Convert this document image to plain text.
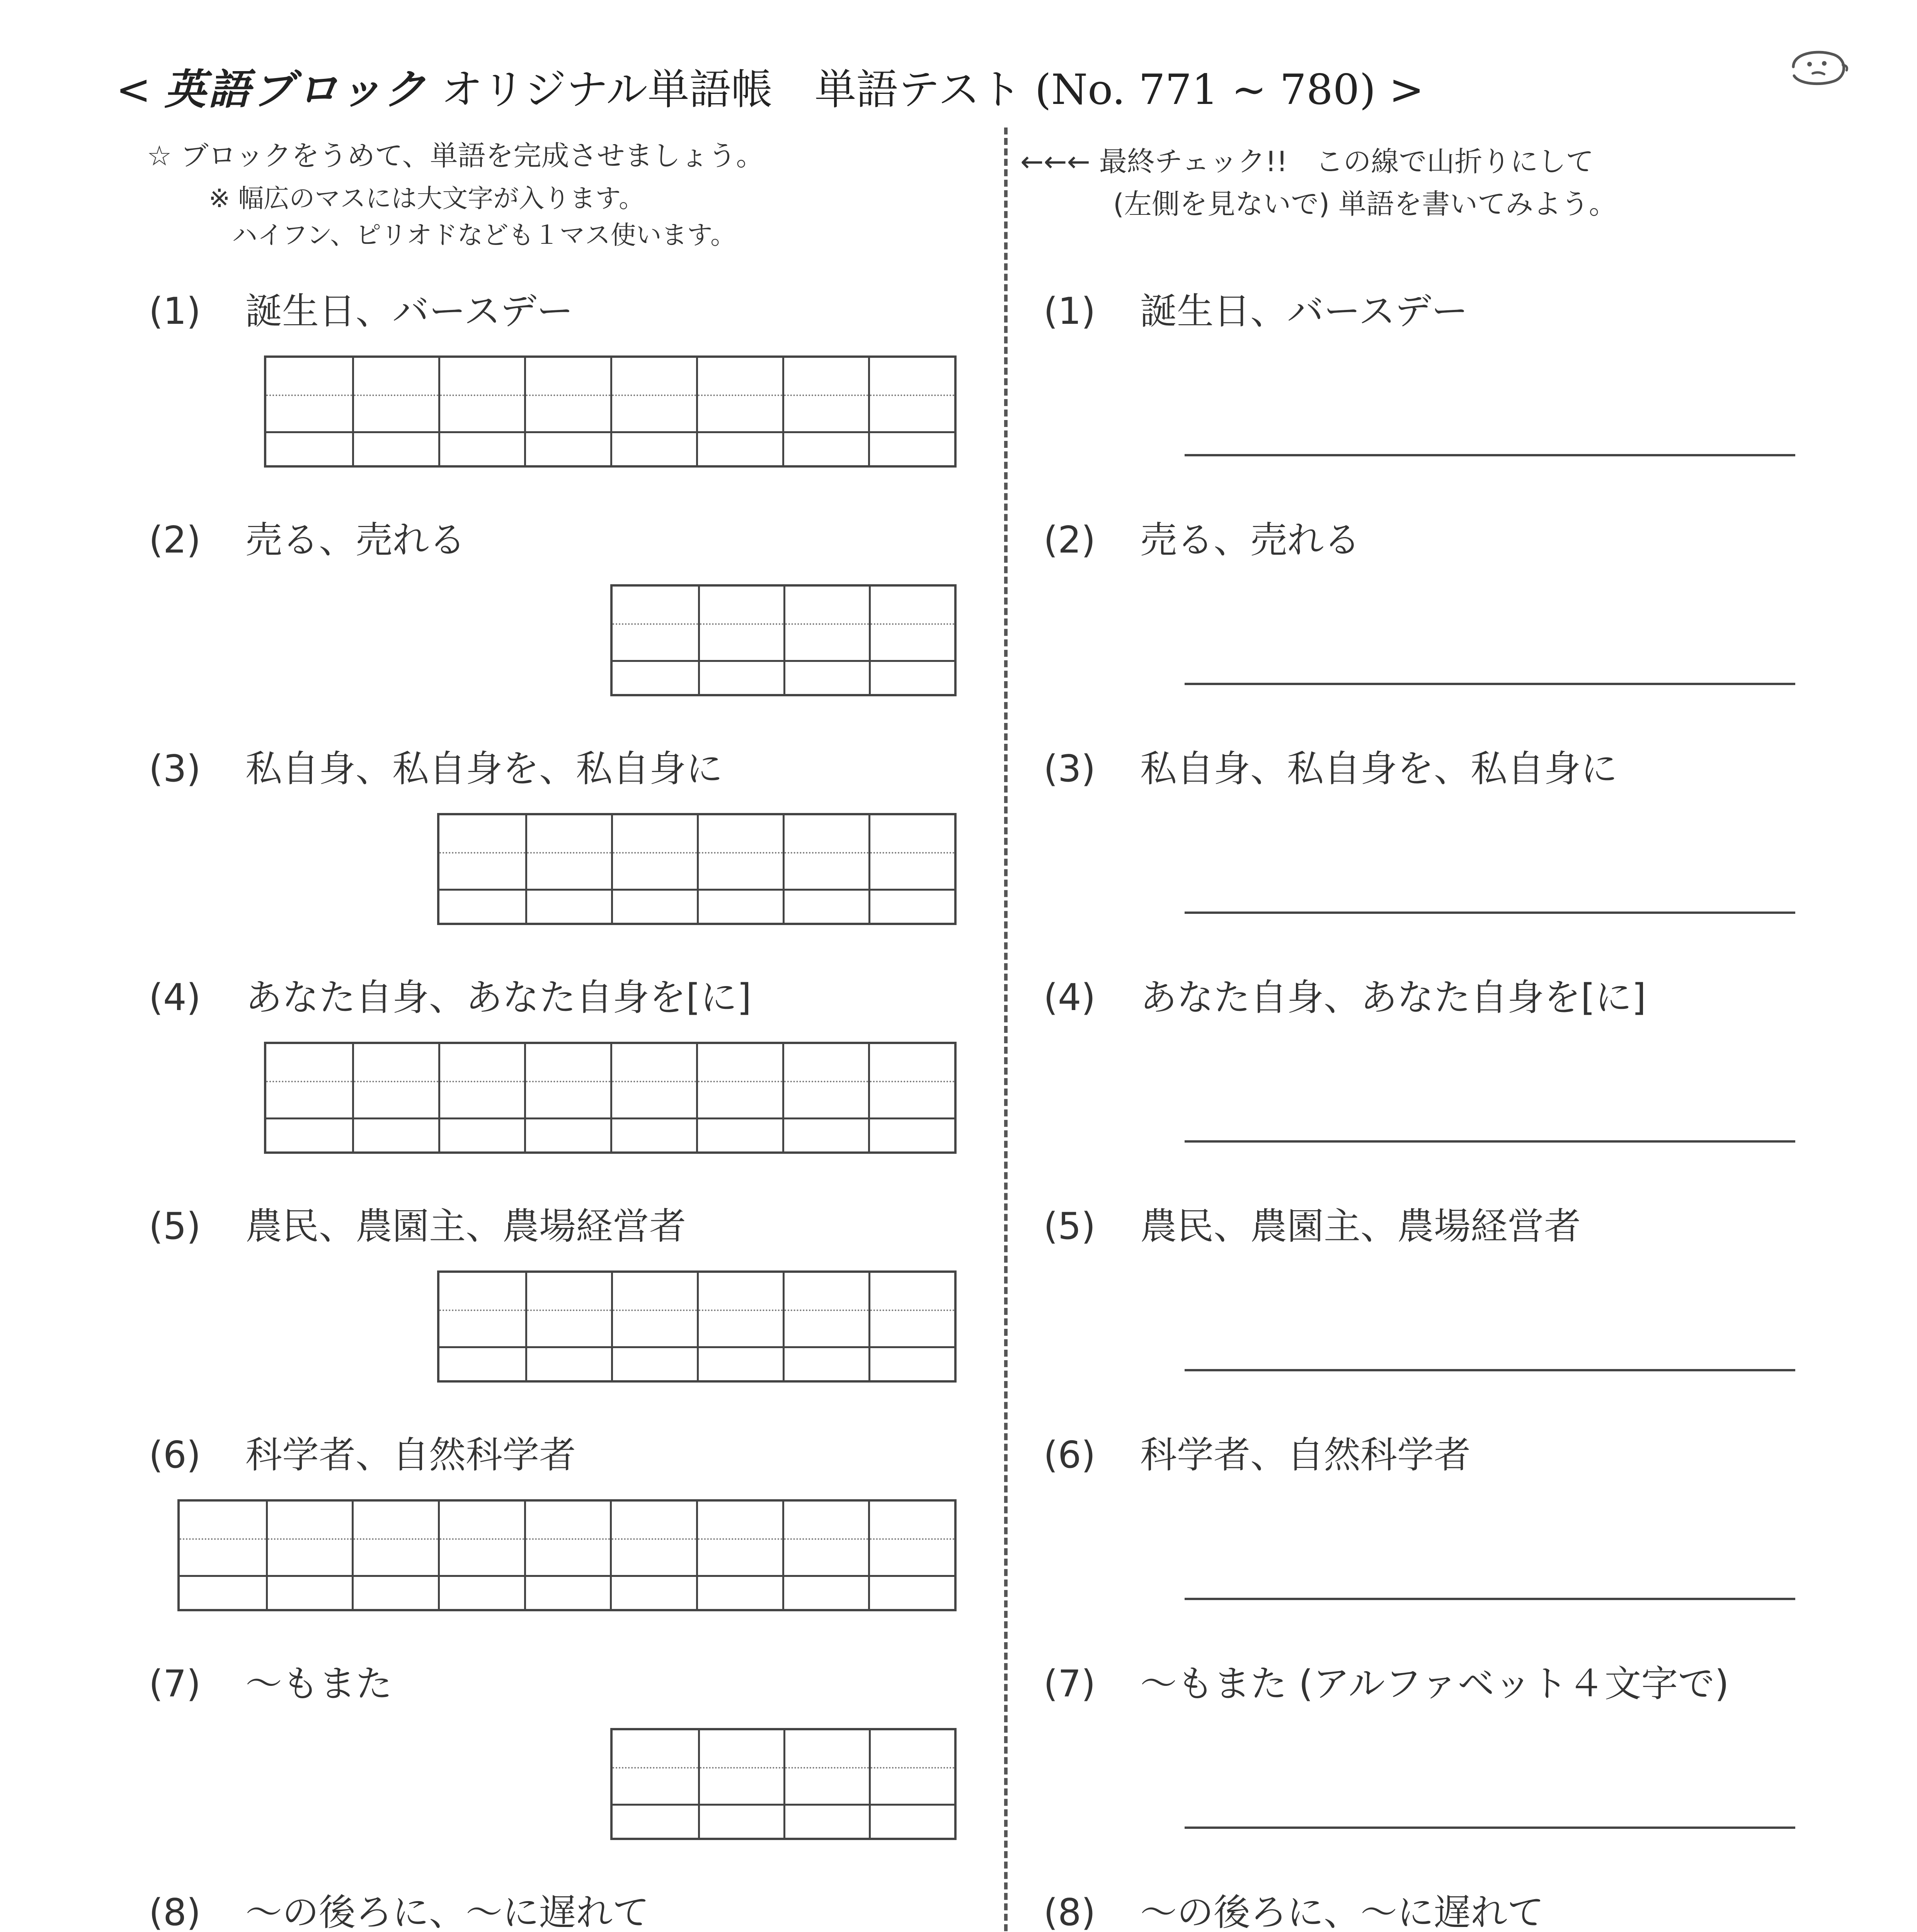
< 英語ブロック オリジナル単語帳　単語テスト (No. 771 ~ 780) >
☆ ブロックをうめて、単語を完成させましょう。
※ 幅広のマスには大文字が入ります。
ハイフン、ピリオドなども１マス使います。
←←← 最終チェック!!　この線で山折りにして
(左側を見ないで) 単語を書いてみよう。
(1) 誕生日、バースデー	(1) 誕生日、バースデー
(2) 売る、売れる	(2) 売る、売れる
(3) 私自身、私自身を、私自身に	(3) 私自身、私自身を、私自身に
(4) あなた自身、あなた自身を[に]	(4) あなた自身、あなた自身を[に]
(5) 農民、農園主、農場経営者	(5) 農民、農園主、農場経営者
(6) 科学者、自然科学者	(6) 科学者、自然科学者
(7) 〜もまた	(7) 〜もまた (アルファベット４文字で)
(8) 〜の後ろに、〜に遅れて	(8) 〜の後ろに、〜に遅れて
